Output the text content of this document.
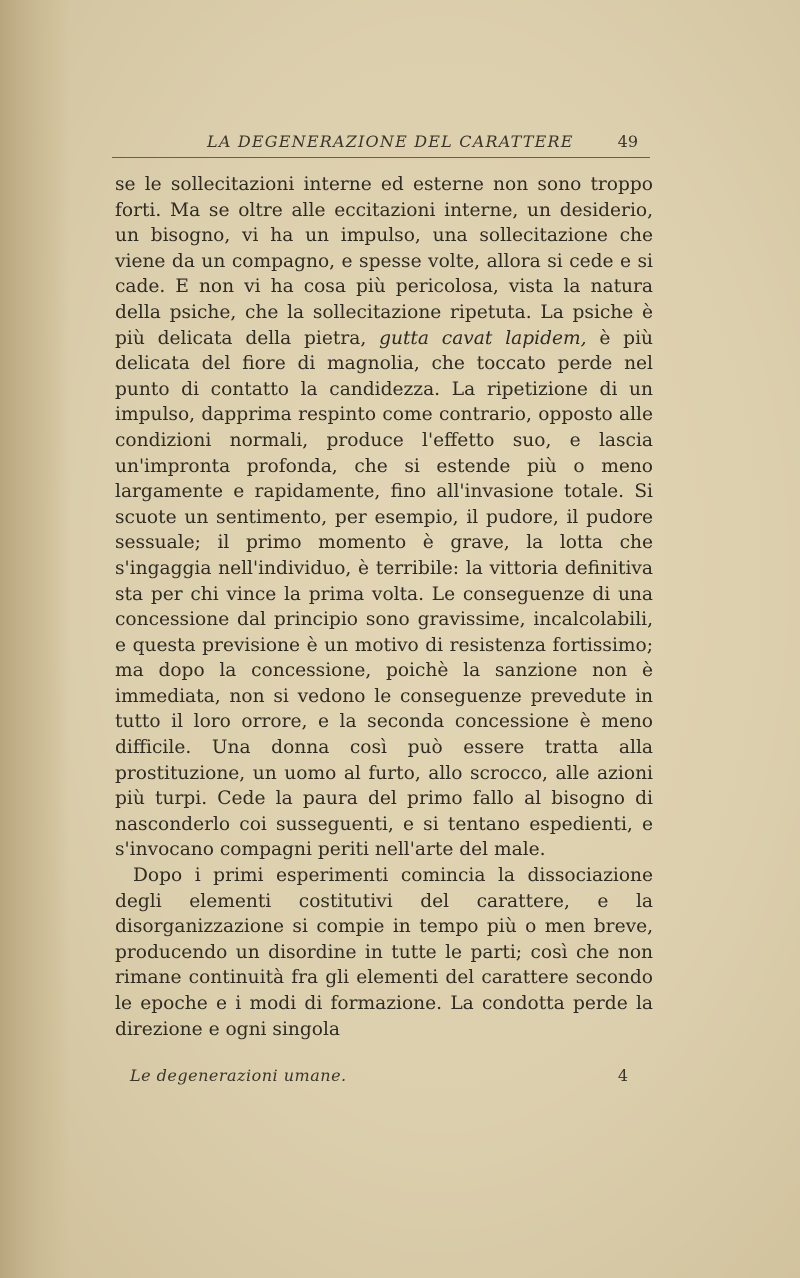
LA DEGENERAZIONE DEL CARATTERE	49

se le sollecitazioni interne ed esterne non sono troppo forti. Ma se oltre alle eccitazioni interne, un desiderio, un bisogno, vi ha un impulso, una sollecitazione che viene da un compagno, e spesse volte, allora si cede e si cade. E non vi ha cosa più pericolosa, vista la natura della psiche, che la sollecitazione ripetuta. La psiche è più delicata della pietra, gutta cavat lapidem, è più delicata del fiore di magnolia, che toccato perde nel punto di contatto la candidezza. La ripetizione di un impulso, dapprima respinto come contrario, opposto alle condizioni normali, produce l'effetto suo, e lascia un'impronta profonda, che si estende più o meno largamente e rapidamente, fino all'invasione totale. Si scuote un sentimento, per esempio, il pudore, il pudore sessuale; il primo momento è grave, la lotta che s'ingaggia nell'individuo, è terribile: la vittoria definitiva sta per chi vince la prima volta. Le conseguenze di una concessione dal principio sono gravissime, incalcolabili, e questa previsione è un motivo di resistenza fortissimo; ma dopo la concessione, poichè la sanzione non è immediata, non si vedono le conseguenze prevedute in tutto il loro orrore, e la seconda concessione è meno difficile. Una donna così può essere tratta alla prostituzione, un uomo al furto, allo scrocco, alle azioni più turpi. Cede la paura del primo fallo al bisogno di nasconderlo coi susseguenti, e si tentano espedienti, e s'invocano compagni periti nell'arte del male.

Dopo i primi esperimenti comincia la dissociazione degli elementi costitutivi del carattere, e la disorganizzazione si compie in tempo più o men breve, producendo un disordine in tutte le parti; così che non rimane continuità fra gli elementi del carattere secondo le epoche e i modi di formazione. La condotta perde la direzione e ogni singola

Le degenerazioni umane.	4
